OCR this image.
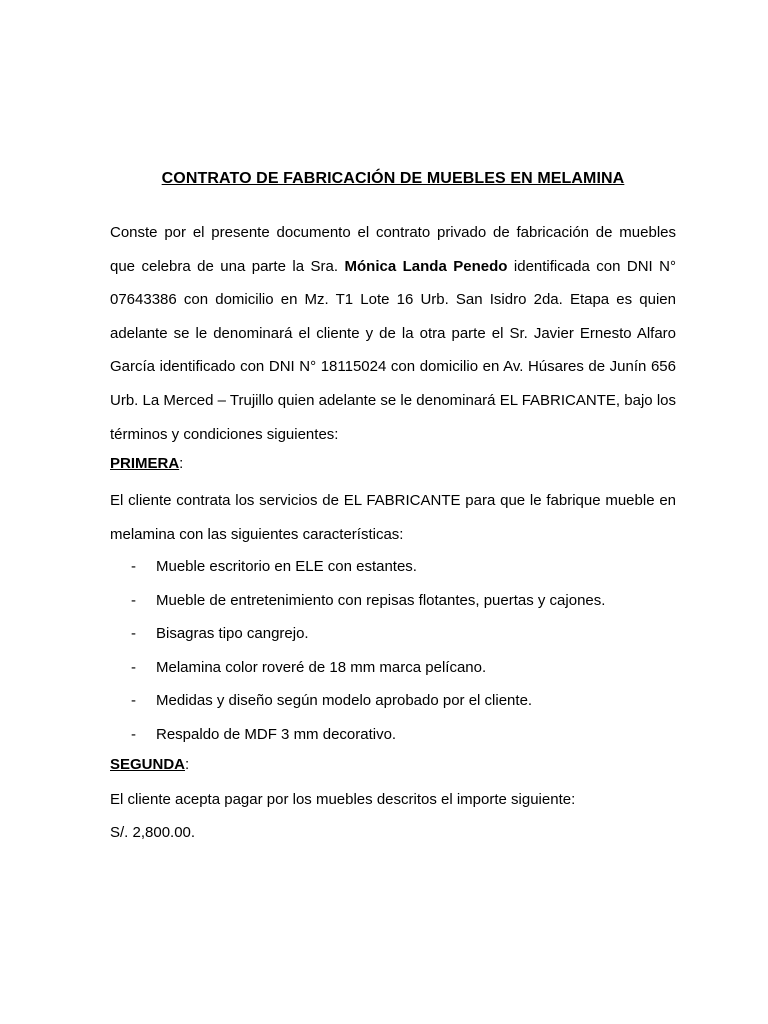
CONTRATO DE FABRICACIÓN DE MUEBLES EN MELAMINA
Conste por el presente documento el contrato privado de fabricación de muebles que celebra de una parte la Sra. Mónica Landa Penedo identificada con DNI N° 07643386 con domicilio en Mz. T1 Lote 16 Urb. San Isidro 2da. Etapa es quien adelante se le denominará el cliente y de la otra parte el Sr. Javier Ernesto Alfaro García identificado con DNI N° 18115024 con domicilio en Av. Húsares de Junín 656 Urb. La Merced – Trujillo quien adelante se le denominará EL FABRICANTE, bajo los términos y condiciones siguientes:
PRIMERA:
El cliente contrata los servicios de EL FABRICANTE para que le fabrique mueble en melamina con las siguientes características:
- Mueble escritorio en ELE con estantes.
- Mueble de entretenimiento con repisas flotantes, puertas y cajones.
- Bisagras tipo cangrejo.
- Melamina color roveré de 18 mm marca pelícano.
- Medidas y diseño según modelo aprobado por el cliente.
- Respaldo de MDF 3 mm decorativo.
SEGUNDA:
El cliente acepta pagar por los muebles descritos el importe siguiente:
S/. 2,800.00.
